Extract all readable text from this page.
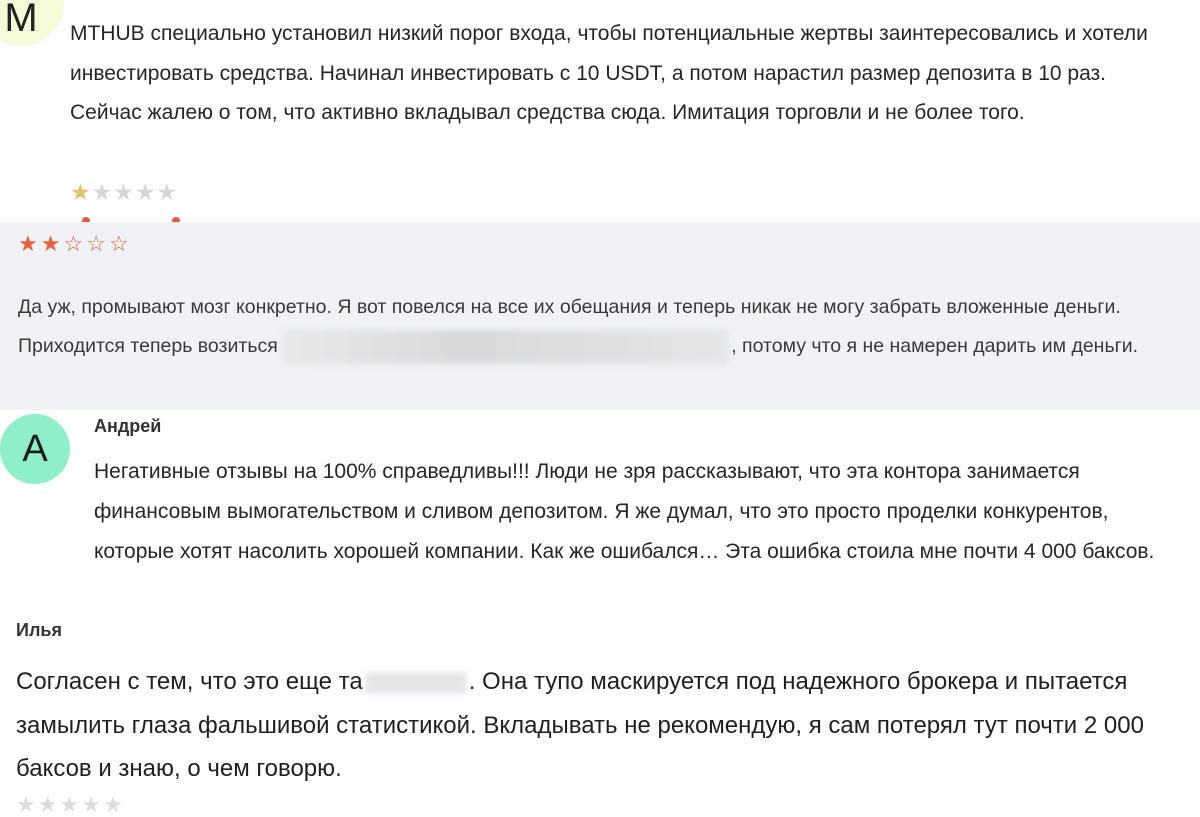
M	MTHUB специально установил низкий порог входа, чтобы потенциальные жертвы заинтересовались и хотели инвестировать средства. Начинал инвестировать с 10 USDT, а потом нарастил размер депозита в 10 раз. Сейчас жалею о том, что активно вкладывал средства сюда. Имитация торговли и не более того.

★ ★ ★ ★ ★
★ ★ ☆ ☆ ☆

Да уж, промывают мозг конкретно. Я вот повелся на все их обещания и теперь никак не могу забрать вложенные деньги. Приходится теперь возиться	, потому что я не намерен дарить им деньги.

А
Андрей

Негативные отзывы на 100% справедливы!!! Люди не зря рассказывают, что эта контора занимается финансовым вымогательством и сливом депозитом. Я же думал, что это просто проделки конкурентов, которые хотят насолить хорошей компании. Как же ошибался… Эта ошибка стоила мне почти 4 000 баксов.

Илья

Согласен с тем, что это еще та	. Она тупо маскируется под надежного брокера и пытается замылить глаза фальшивой статистикой. Вкладывать не рекомендую, я сам потерял тут почти 2 000 баксов и знаю, о чем говорю.

★ ★ ★ ★ ★
